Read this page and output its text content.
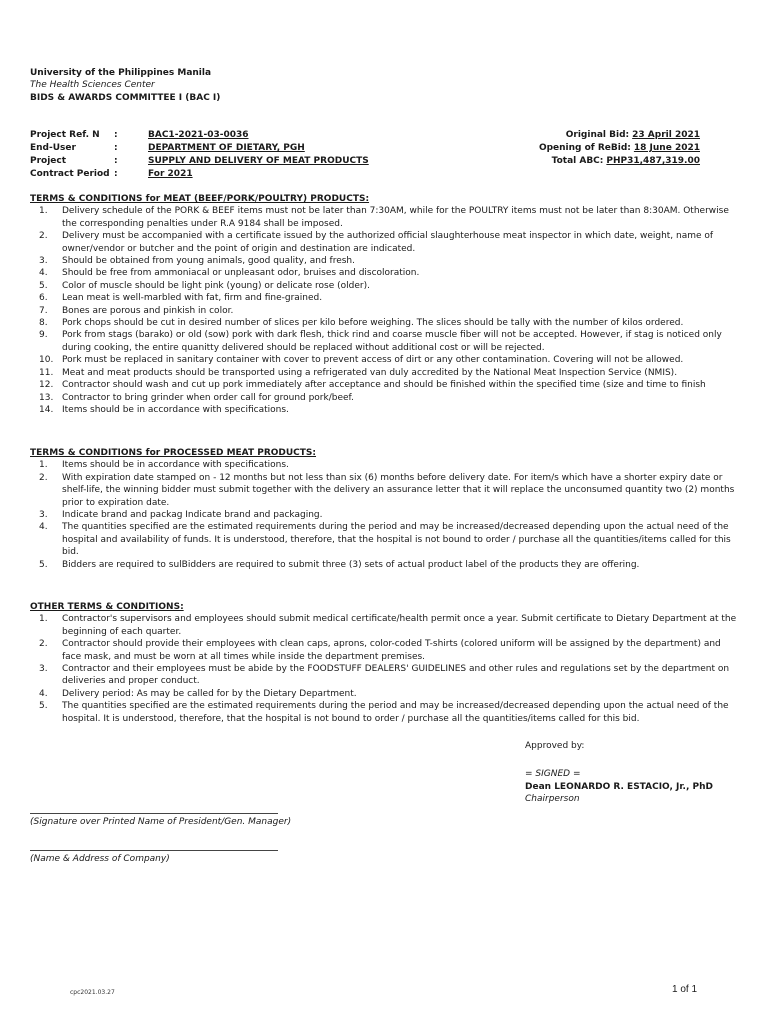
University of the Philippines Manila
The Health Sciences Center
BIDS & AWARDS COMMITTEE I (BAC I)
Project Ref. N	:	BAC1-2021-03-0036
End-User	:	DEPARTMENT OF DIETARY, PGH
Project	:	SUPPLY AND DELIVERY OF MEAT PRODUCTS
Contract Period :	For 2021
Original Bid: 23 April 2021
Opening of ReBid: 18 June 2021
Total ABC: PHP31,487,319.00
TERMS & CONDITIONS for MEAT (BEEF/PORK/POULTRY) PRODUCTS:
1.	Delivery schedule of the PORK & BEEF items must not be later than 7:30AM, while for the POULTRY items must not be later than 8:30AM. Otherwise the corresponding penalties under R.A 9184 shall be imposed.
2.	Delivery must be accompanied with a certificate issued by the authorized official slaughterhouse meat inspector in which date, weight, name of owner/vendor or butcher and the point of origin and destination are indicated.
3.	Should be obtained from young animals, good quality, and fresh.
4.	Should be free from ammoniacal or unpleasant odor, bruises and discoloration.
5.	Color of muscle should be light pink (young) or delicate rose (older).
6.	Lean meat is well-marbled with fat, firm and fine-grained.
7.	Bones are porous and pinkish in color.
8.	Pork chops should be cut in desired number of slices per kilo before weighing. The slices should be tally with the number of kilos ordered.
9.	Pork from stags (barako) or old (sow) pork with dark flesh, thick rind and coarse muscle fiber will not be accepted. However, if stag is noticed only during cooking, the entire quanitty delivered should be replaced without additional cost or will be rejected.
10. Pork must be replaced in sanitary container with cover to prevent access of dirt or any other contamination. Covering will not be allowed.
11. Meat and meat products should be transported using a refrigerated van duly accredited by the National Meat Inspection Service (NMIS).
12. Contractor should wash and cut up pork immediately after acceptance and should be finished within the specified time (size and time to finish
13. Contractor to bring grinder when order call for ground pork/beef.
14. Items should be in accordance with specifications.
TERMS & CONDITIONS for PROCESSED MEAT PRODUCTS:
1.	Items should be in accordance with specifications.
2.	With expiration date stamped on - 12 months but not less than six (6) months before delivery date. For item/s which have a shorter expiry date or shelf-life, the winning bidder must submit together with the delivery an assurance letter that it will replace the unconsumed quantity two (2) months prior to expiration date.
3.	Indicate brand and packag Indicate brand and packaging.
4.	The quantities specified are the estimated requirements during the period and may be increased/decreased depending upon the actual need of the hospital and availability of funds. It is understood, therefore, that the hospital is not bound to order / purchase all the quantities/items called for this bid.
5.	Bidders are required to sulBidders are required to submit three (3) sets of actual product label of the products they are offering.
OTHER TERMS & CONDITIONS:
1.	Contractor's supervisors and employees should submit medical certificate/health permit once a year. Submit certificate to Dietary Department at the beginning of each quarter.
2.	Contractor should provide their employees with clean caps, aprons, color-coded T-shirts (colored uniform will be assigned by the department) and face mask, and must be worn at all times while inside the department premises.
3.	Contractor and their employees must be abide by the FOODSTUFF DEALERS' GUIDELINES and other rules and regulations set by the department on deliveries and proper conduct.
4.	Delivery period: As may be called for by the Dietary Department.
5.	The quantities specified are the estimated requirements during the period and may be increased/decreased depending upon the actual need of the hospital. It is understood, therefore, that the hospital is not bound to order / purchase all the quantities/items called for this bid.
Approved by:
= SIGNED =
Dean LEONARDO R. ESTACIO, Jr., PhD
Chairperson
(Signature over Printed Name of President/Gen. Manager)
(Name & Address of Company)
cpc2021.03.27	1 of 1
